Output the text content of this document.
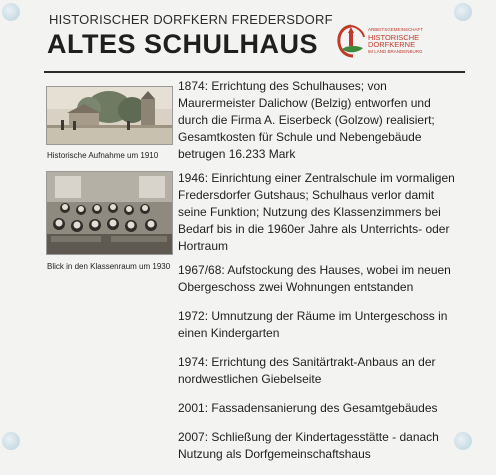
HISTORISCHER DORFKERN FREDERSDORF
ALTES SCHULHAUS	ARBEITSGEMEINSCHAFT
HISTORISCHE DORFKERNE
IM LAND BRANDENBURG
Historische Aufnahme um 1910
Blick in den Klassenraum um 1930
1874: Errichtung des Schulhauses; von Maurermeister Dalichow (Belzig) entworfen und durch die Firma A. Eiserbeck (Golzow) realisiert; Gesamtkosten für Schule und Nebengebäude betrugen 16.233 Mark
1946: Einrichtung einer Zentralschule im vormaligen Fredersdorfer Gutshaus; Schulhaus verlor damit seine Funktion; Nutzung des Klassenzimmers bei Bedarf bis in die 1960er Jahre als Unterrichts- oder Hortraum
1967/68: Aufstockung des Hauses, wobei im neuen Obergeschoss zwei Wohnungen entstanden
1972: Umnutzung der Räume im Untergeschoss in einen Kindergarten
1974: Errichtung des Sanitärtrakt-Anbaus an der nordwestlichen Giebelseite
2001: Fassadensanierung des Gesamtgebäudes
2007: Schließung der Kindertagesstätte - danach Nutzung als Dorfgemeinschaftshaus
